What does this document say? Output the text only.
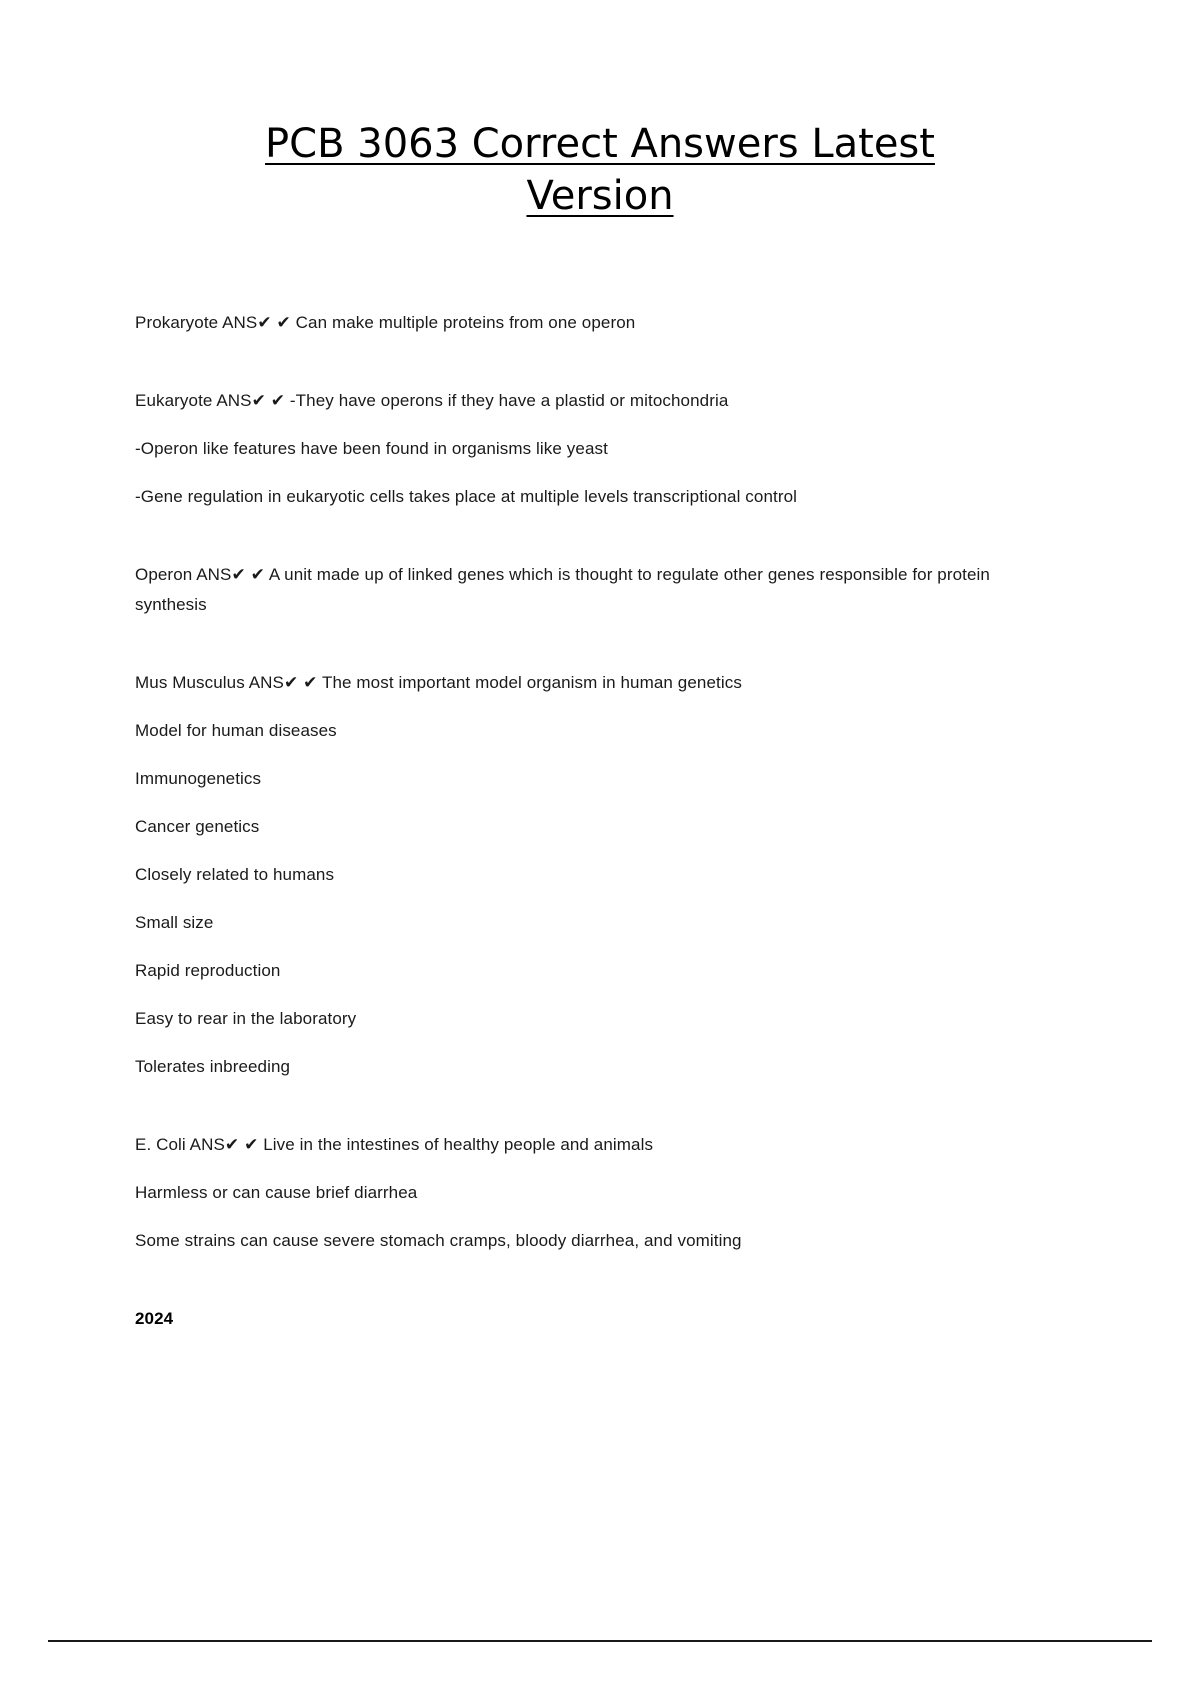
PCB 3063 Correct Answers Latest
Version

Prokaryote ANS✔ ✔ Can make multiple proteins from one operon

Eukaryote ANS✔ ✔ -They have operons if they have a plastid or mitochondria

-Operon like features have been found in organisms like yeast

-Gene regulation in eukaryotic cells takes place at multiple levels transcriptional control

Operon ANS✔ ✔ A unit made up of linked genes which is thought to regulate other genes responsible for protein synthesis

Mus Musculus ANS✔ ✔ The most important model organism in human genetics

Model for human diseases

Immunogenetics

Cancer genetics

Closely related to humans

Small size

Rapid reproduction

Easy to rear in the laboratory

Tolerates inbreeding

E. Coli ANS✔ ✔ Live in the intestines of healthy people and animals

Harmless or can cause brief diarrhea

Some strains can cause severe stomach cramps, bloody diarrhea, and vomiting

2024
